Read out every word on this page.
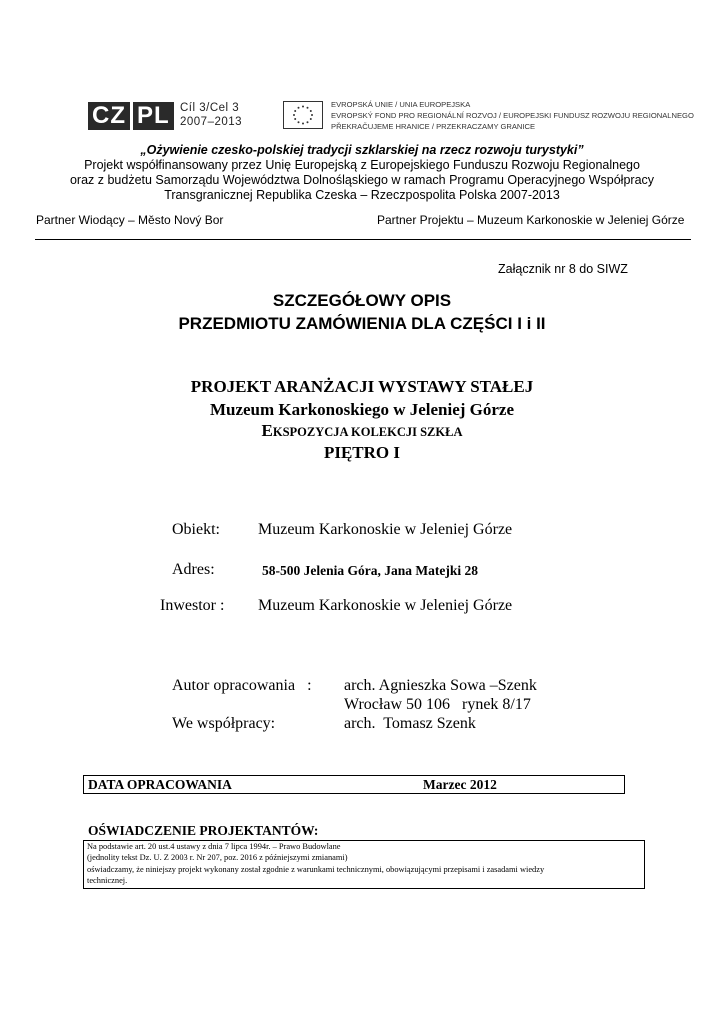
CZ PL Cíl 3/Cel 3
2007–2013
EVROPSKÁ UNIE / UNIA EUROPEJSKA
EVROPSKÝ FOND PRO REGIONÁLNÍ ROZVOJ / EUROPEJSKI FUNDUSZ ROZWOJU REGIONALNEGO
PŘEKRAČUJEME HRANICE / PRZEKRACZAMY GRANICE
„Ożywienie czesko-polskiej tradycji szklarskiej na rzecz rozwoju turystyki”
Projekt współfinansowany przez Unię Europejską z Europejskiego Funduszu Rozwoju Regionalnego
oraz z budżetu Samorządu Województwa Dolnośląskiego w ramach Programu Operacyjnego Współpracy
Transgranicznej Republika Czeska – Rzeczpospolita Polska 2007-2013
Partner Wiodący – Město Nový Bor	Partner Projektu – Muzeum Karkonoskie w Jeleniej Górze
Załącznik nr 8 do SIWZ
SZCZEGÓŁOWY OPIS
PRZEDMIOTU ZAMÓWIENIA DLA CZĘŚCI I i II
PROJEKT ARANŻACJI WYSTAWY STAŁEJ
Muzeum Karkonoskiego w Jeleniej Górze
EKSPOZYCJA KOLEKCJI SZKŁA
PIĘTRO I
Obiekt: Muzeum Karkonoskie w Jeleniej Górze
Adres:	58-500 Jelenia Góra, Jana Matejki 28
Inwestor : Muzeum Karkonoskie w Jeleniej Górze
Autor opracowania   : arch. Agnieszka Sowa –Szenk
Wrocław 50 106   rynek 8/17
We współpracy:	arch.  Tomasz Szenk
DATA OPRACOWANIA	Marzec 2012
OŚWIADCZENIE PROJEKTANTÓW:
Na podstawie art. 20 ust.4 ustawy z dnia 7 lipca 1994r. – Prawo Budowlane
(jednolity tekst Dz. U. Z 2003 r. Nr 207, poz. 2016 z późniejszymi zmianami)
oświadczamy, że niniejszy projekt wykonany został zgodnie z warunkami technicznymi, obowiązującymi przepisami i zasadami wiedzy
technicznej.
